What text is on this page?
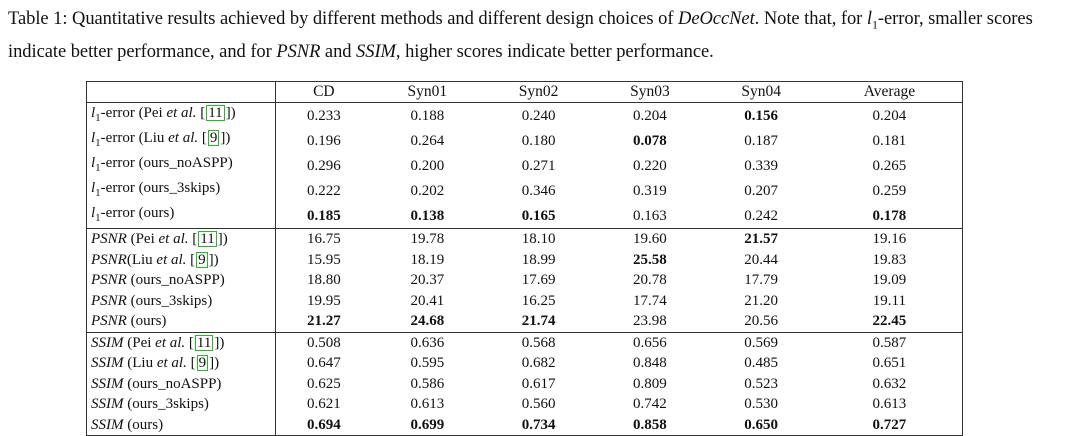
Table 1: Quantitative results achieved by different methods and different design choices of DeOccNet. Note that, for $l_1$-error, smaller scores indicate better performance, and for PSNR and SSIM, higher scores indicate better performance.
	CD	Syn01	Syn02	Syn03	Syn04	Average
$l_1$-error (Pei et al. [ 11 ])	0.233	0.188	0.240	0.204	0.156	0.204
$l_1$-error (Liu et al. [ 9 ])	0.196	0.264	0.180	0.078	0.187	0.181
$l_1$-error (ours_noASPP)	0.296	0.200	0.271	0.220	0.339	0.265
$l_1$-error (ours_3skips)	0.222	0.202	0.346	0.319	0.207	0.259
$l_1$-error (ours)	0.185	0.138	0.165	0.163	0.242	0.178
PSNR (Pei et al. [ 11 ])	16.75	19.78	18.10	19.60	21.57	19.16
PSNR(Liu et al. [ 9 ])	15.95	18.19	18.99	25.58	20.44	19.83
PSNR (ours_noASPP)	18.80	20.37	17.69	20.78	17.79	19.09
PSNR (ours_3skips)	19.95	20.41	16.25	17.74	21.20	19.11
PSNR (ours)	21.27	24.68	21.74	23.98	20.56	22.45
SSIM (Pei et al. [ 11 ])	0.508	0.636	0.568	0.656	0.569	0.587
SSIM (Liu et al. [ 9 ])	0.647	0.595	0.682	0.848	0.485	0.651
SSIM (ours_noASPP)	0.625	0.586	0.617	0.809	0.523	0.632
SSIM (ours_3skips)	0.621	0.613	0.560	0.742	0.530	0.613
SSIM (ours)	0.694	0.699	0.734	0.858	0.650	0.727
